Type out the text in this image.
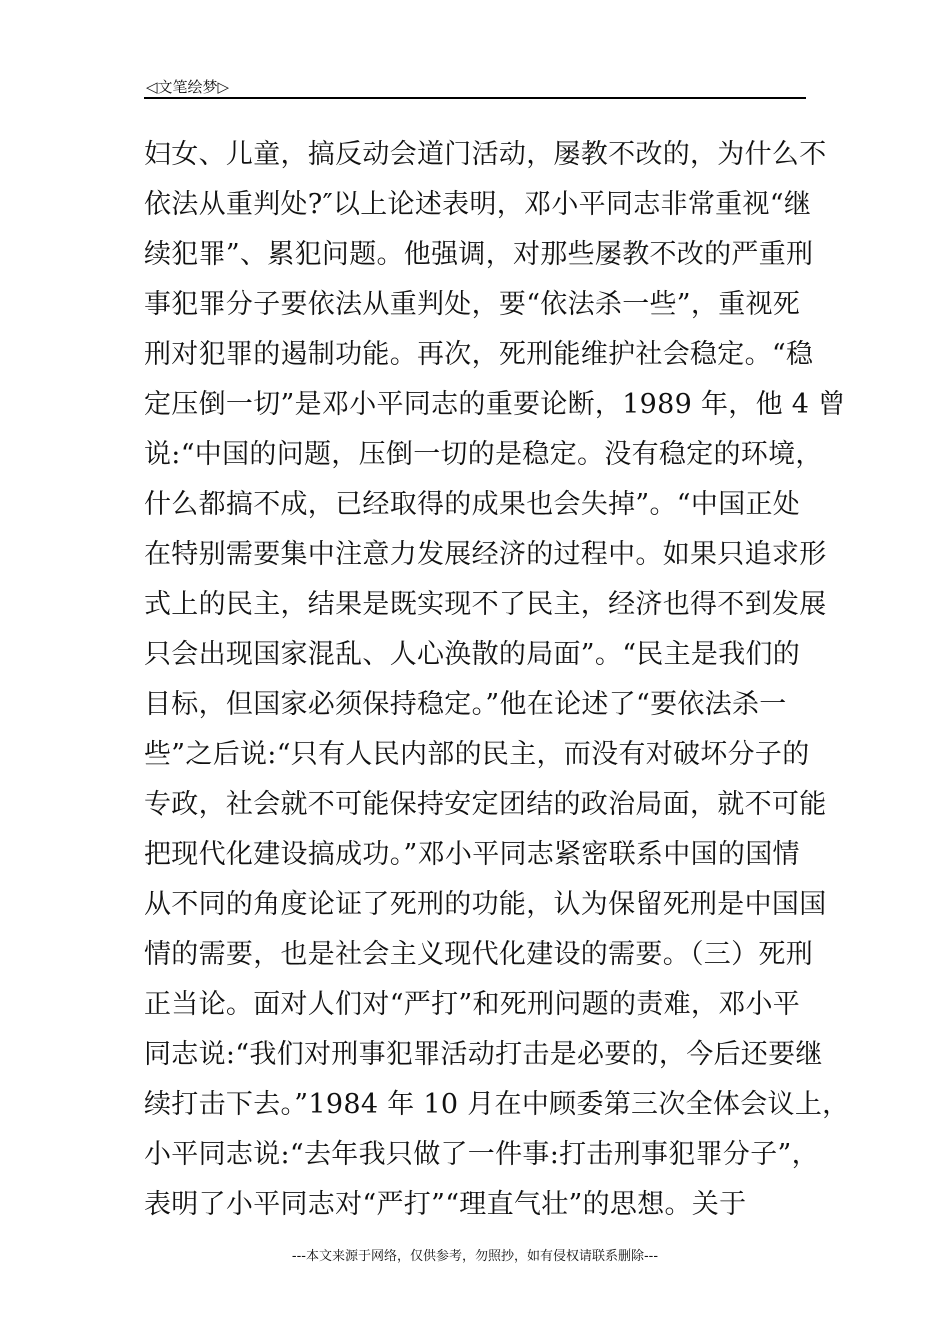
◁文笔绘梦▷
妇女、儿童，搞反动会道门活动，屡教不改的，为什么不
依法从重判处?″以上论述表明，邓小平同志非常重视“继
续犯罪”、累犯问题。他强调，对那些屡教不改的严重刑
事犯罪分子要依法从重判处，要“依法杀一些”，重视死
刑对犯罪的遏制功能。再次，死刑能维护社会稳定。“稳
定压倒一切”是邓小平同志的重要论断，1989 年，他 4 曾
说:“中国的问题，压倒一切的是稳定。没有稳定的环境，
什么都搞不成，已经取得的成果也会失掉”。“中国正处
在特别需要集中注意力发展经济的过程中。如果只追求形
式上的民主，结果是既实现不了民主，经济也得不到发展
只会出现国家混乱、人心涣散的局面”。“民主是我们的
目标，但国家必须保持稳定。”他在论述了“要依法杀一
些”之后说:“只有人民内部的民主，而没有对破坏分子的
专政，社会就不可能保持安定团结的政治局面，就不可能
把现代化建设搞成功。”邓小平同志紧密联系中国的国情
从不同的角度论证了死刑的功能，认为保留死刑是中国国
情的需要，也是社会主义现代化建设的需要。（三）死刑
正当论。面对人们对“严打”和死刑问题的责难，邓小平
同志说:“我们对刑事犯罪活动打击是必要的，今后还要继
续打击下去。”1984 年 10 月在中顾委第三次全体会议上，
小平同志说:“去年我只做了一件事:打击刑事犯罪分子”，
表明了小平同志对“严打”“理直气壮”的思想。关于
---本文来源于网络，仅供参考，勿照抄，如有侵权请联系删除---
